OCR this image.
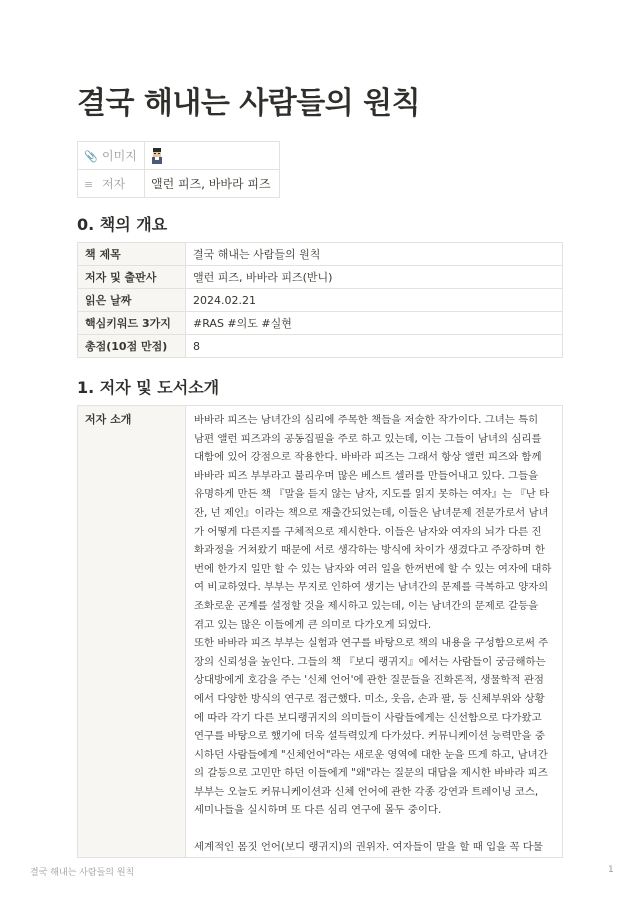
결국 해내는 사람들의 원칙
📎 이미지	
≡ 저자	앨런 피즈, 바바라 피즈
0. 책의 개요
책 제목	결국 해내는 사람들의 원칙
저자 및 출판사	앨런 피즈, 바바라 피즈(반니)
읽은 날짜	2024.02.21
핵심키워드 3가지	#RAS #의도 #실현
총점(10점 만점)	8
1. 저자 및 도서소개
저자 소개	바바라 피즈는 남녀간의 심리에 주목한 책들을 저술한 작가이다. 그녀는 특히

남편 앨런 피즈과의 공동집필을 주로 하고 있는데, 이는 그들이 남녀의 심리를

대함에 있어 강점으로 작용한다. 바바라 피즈는 그래서 항상 앨런 피즈와 함께

바바라 피즈 부부라고 불리우며 많은 베스트 셀러를 만들어내고 있다. 그들을

유명하게 만든 책 『말을 듣지 않는 남자, 지도를 읽지 못하는 여자』는 『난 타

잔, 넌 제인』이라는 책으로 재출간되었는데, 이들은 남녀문제 전문가로서 남녀

가 어떻게 다른지를 구체적으로 제시한다. 이들은 남자와 여자의 뇌가 다른 진

화과정을 거쳐왔기 때문에 서로 생각하는 방식에 차이가 생겼다고 주장하며 한

번에 한가지 일만 할 수 있는 남자와 여러 일을 한꺼번에 할 수 있는 여자에 대하

여 비교하였다. 부부는 무지로 인하여 생기는 남녀간의 문제를 극복하고 양자의

조화로운 곤계를 설정할 것을 제시하고 있는데, 이는 남녀간의 문제로 갈등을

겪고 있는 많은 이들에게 큰 의미로 다가오게 되었다.

또한 바바라 피즈 부부는 실험과 연구를 바탕으로 책의 내용을 구성함으로써 주

장의 신뢰성을 높인다. 그들의 책 『보디 랭귀지』에서는 사람들이 궁금해하는

상대방에게 호감을 주는 '신체 언어'에 관한 질문들을 진화론적, 생물학적 관점

에서 다양한 방식의 연구로 접근했다. 미소, 웃음, 손과 팔, 등 신체부위와 상황

에 따라 각기 다른 보디랭귀지의 의미들이 사람들에게는 신선함으로 다가왔고

연구를 바탕으로 했기에 더욱 설득력있게 다가섰다. 커뮤니케이션 능력만을 중

시하던 사람들에게 "신체언어"라는 새로운 영역에 대한 눈을 뜨게 하고, 남녀간

의 갈등으로 고민만 하던 이들에게 "왜"라는 질문의 대답을 제시한 바바라 피즈

부부는 오늘도 커뮤니케이션과 신체 언어에 관한 각종 강연과 트레이닝 코스,

세미나들을 실시하며 또 다른 심리 연구에 몰두 중이다.

세계적인 몸짓 언어(보디 랭귀지)의 권위자. 여자들이 말을 할 때 입을 꼭 다물

결국 해내는 사람들의 원칙	1
